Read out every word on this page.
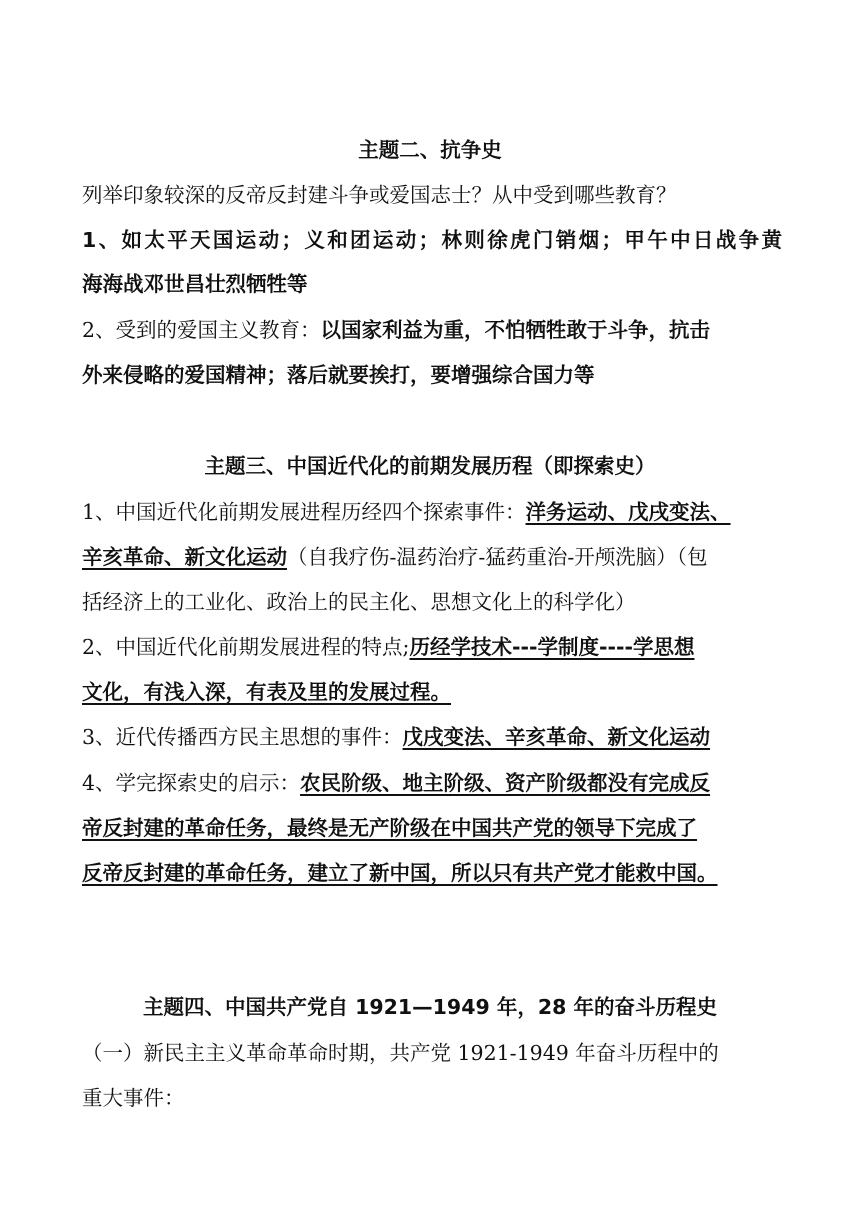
主题二、抗争史
列举印象较深的反帝反封建斗争或爱国志士？从中受到哪些教育？
1、如太平天国运动；义和团运动；林则徐虎门销烟；甲午中日战争黄
海海战邓世昌壮烈牺牲等
2、受到的爱国主义教育：以国家利益为重，不怕牺牲敢于斗争，抗击
外来侵略的爱国精神；落后就要挨打，要增强综合国力等
主题三、中国近代化的前期发展历程（即探索史）
1、中国近代化前期发展进程历经四个探索事件：洋务运动、戊戌变法、
辛亥革命、新文化运动（自我疗伤-温药治疗-猛药重治-开颅洗脑）（包
括经济上的工业化、政治上的民主化、思想文化上的科学化）
2、中国近代化前期发展进程的特点;历经学技术---学制度----学思想
文化，有浅入深，有表及里的发展过程。
3、近代传播西方民主思想的事件：戊戌变法、辛亥革命、新文化运动
4、学完探索史的启示：农民阶级、地主阶级、资产阶级都没有完成反
帝反封建的革命任务，最终是无产阶级在中国共产党的领导下完成了
反帝反封建的革命任务，建立了新中国，所以只有共产党才能救中国。
主题四、中国共产党自 1921—1949 年，28 年的奋斗历程史
（一）新民主主义革命革命时期，共产党 1921-1949 年奋斗历程中的
重大事件：
